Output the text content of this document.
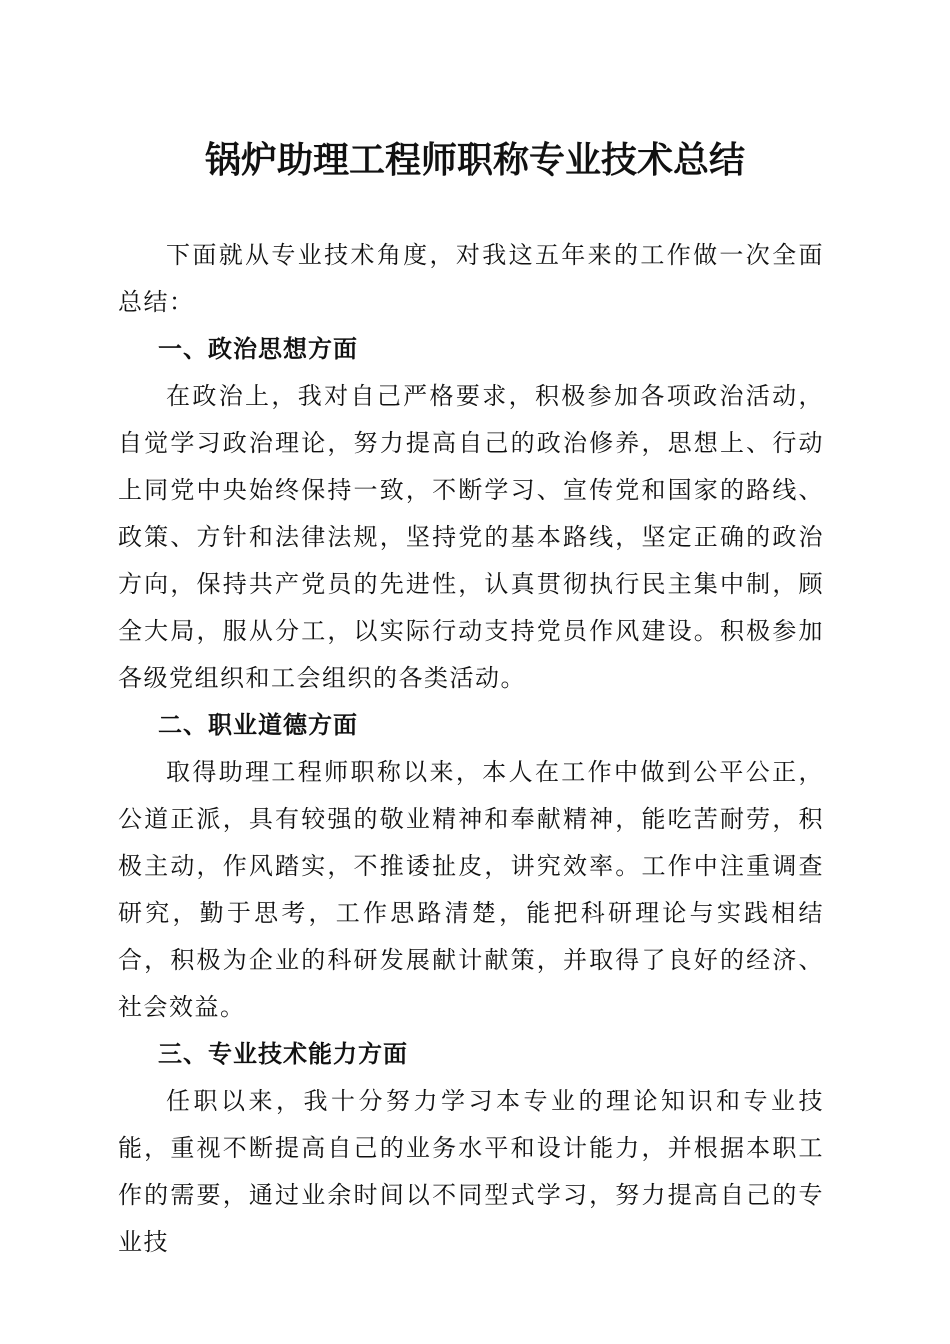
锅炉助理工程师职称专业技术总结

下面就从专业技术角度，对我这五年来的工作做一次全面总结：

一、政治思想方面

在政治上，我对自己严格要求，积极参加各项政治活动，自觉学习政治理论，努力提高自己的政治修养，思想上、行动上同党中央始终保持一致，不断学习、宣传党和国家的路线、政策、方针和法律法规，坚持党的基本路线，坚定正确的政治方向，保持共产党员的先进性，认真贯彻执行民主集中制，顾全大局，服从分工，以实际行动支持党员作风建设。积极参加各级党组织和工会组织的各类活动。

二、职业道德方面

取得助理工程师职称以来，本人在工作中做到公平公正，公道正派，具有较强的敬业精神和奉献精神，能吃苦耐劳，积极主动，作风踏实，不推诿扯皮，讲究效率。工作中注重调查研究，勤于思考，工作思路清楚，能把科研理论与实践相结合，积极为企业的科研发展献计献策，并取得了良好的经济、社会效益。

三、专业技术能力方面

任职以来，我十分努力学习本专业的理论知识和专业技能，重视不断提高自己的业务水平和设计能力，并根据本职工作的需要，通过业余时间以不同型式学习，努力提高自己的专业技
